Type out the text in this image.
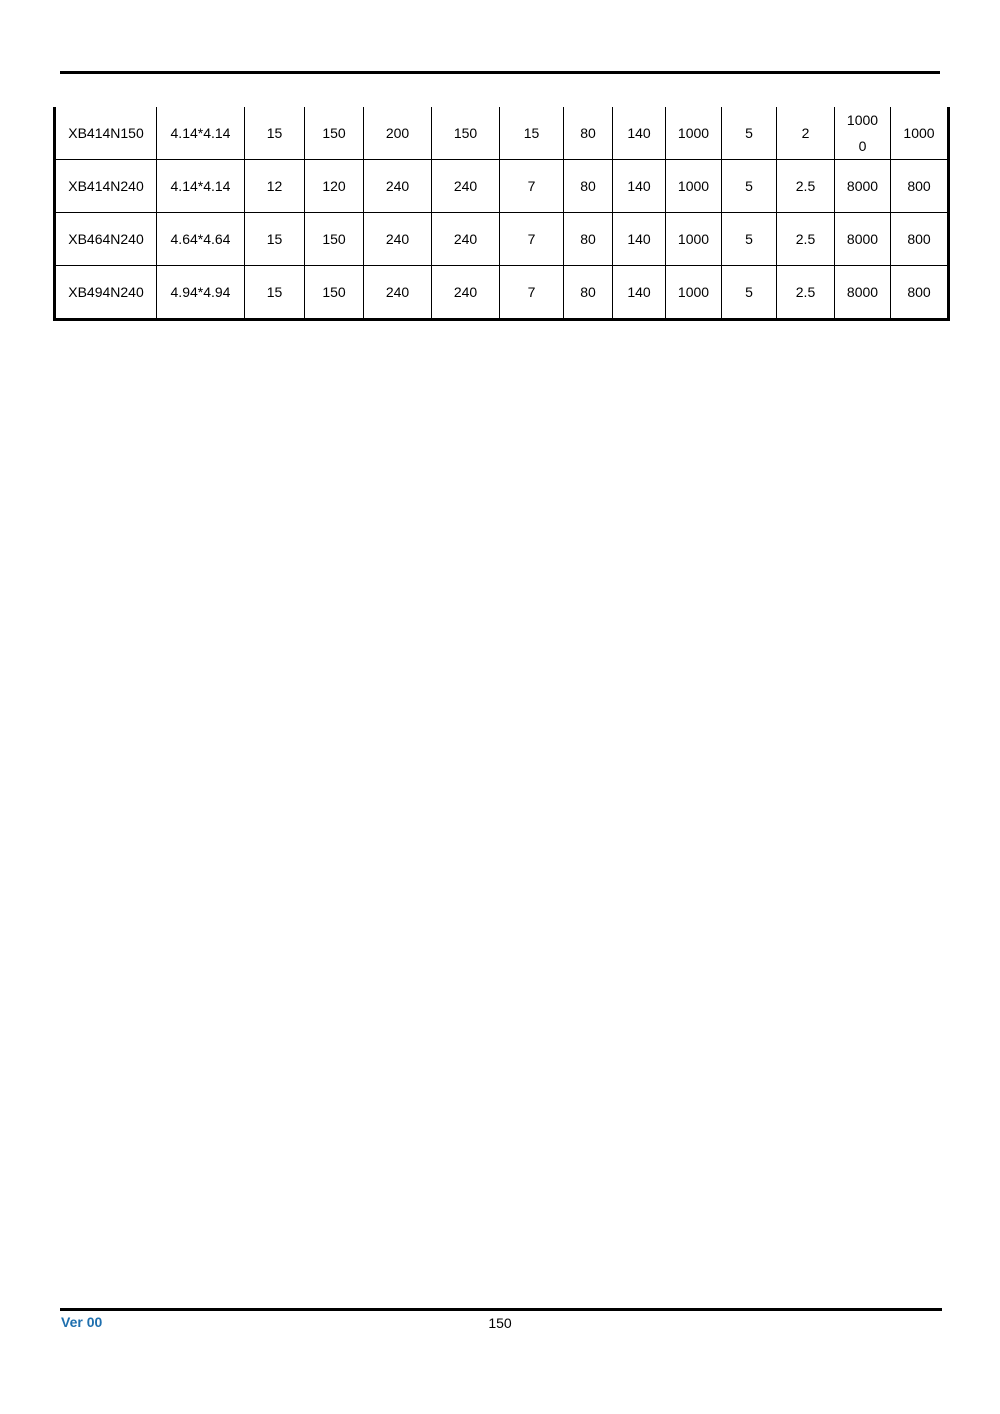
XB414N150	4.14*4.14	15	150	200	150	15	80	140	1000	5	2	10000	1000
XB414N240	4.14*4.14	12	120	240	240	7	80	140	1000	5	2.5	8000	800
XB464N240	4.64*4.64	15	150	240	240	7	80	140	1000	5	2.5	8000	800
XB494N240	4.94*4.94	15	150	240	240	7	80	140	1000	5	2.5	8000	800
Ver 00	150
